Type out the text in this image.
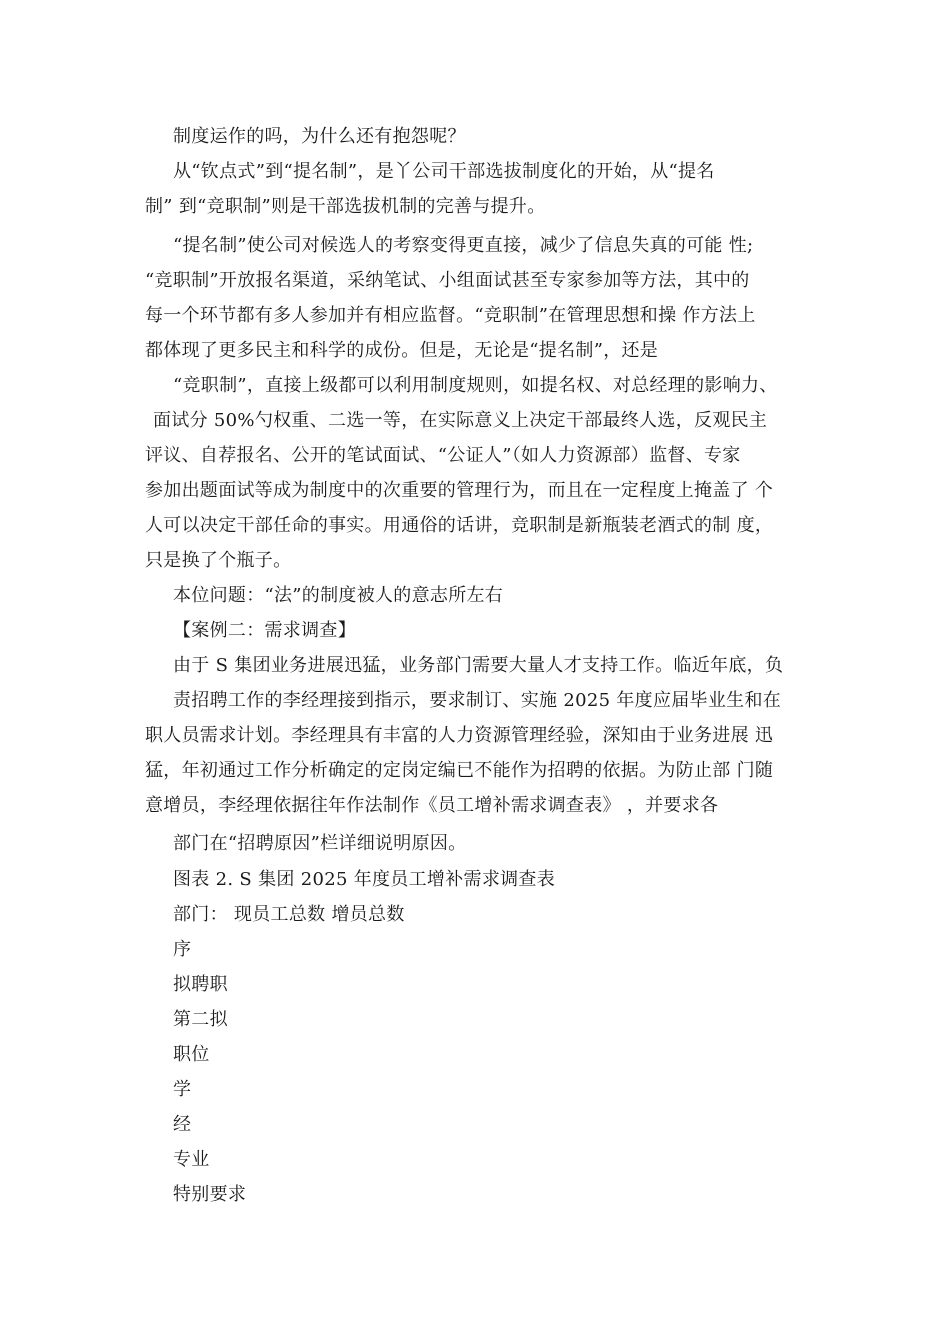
制度运作的吗，为什么还有抱怨呢？

从“钦点式”到“提名制”，是丫公司干部选拔制度化的开始，从“提名

制” 到“竞职制”则是干部选拔机制的完善与提升。

“提名制”使公司对候选人的考察变得更直接，减少了信息失真的可能 性;

“竞职制”开放报名渠道，采纳笔试、小组面试甚至专家参加等方法，其中的

每一个环节都有多人参加并有相应监督。“竞职制”在管理思想和操 作方法上

都体现了更多民主和科学的成份。但是，无论是“提名制”，还是

“竞职制”，直接上级都可以利用制度规则，如提名权、对总经理的影响力、

面试分 50%勺权重、二选一等，在实际意义上决定干部最终人选，反观民主

评议、自荐报名、公开的笔试面试、“公证人”（如人力资源部）监督、专家

参加出题面试等成为制度中的次重要的管理行为，而且在一定程度上掩盖了 个

人可以决定干部任命的事实。用通俗的话讲，竞职制是新瓶装老酒式的制 度，

只是换了个瓶子。

本位问题：“法”的制度被人的意志所左右

【案例二：需求调查】

由于 S 集团业务进展迅猛，业务部门需要大量人才支持工作。临近年底，负

责招聘工作的李经理接到指示，要求制订、实施 2025 年度应届毕业生和在

职人员需求计划。李经理具有丰富的人力资源管理经验，深知由于业务进展 迅

猛，年初通过工作分析确定的定岗定编已不能作为招聘的依据。为防止部 门随

意增员，李经理依据往年作法制作《员工增补需求调查表》 ，并要求各

部门在“招聘原因”栏详细说明原因。

图表 2. S 集团 2025 年度员工增补需求调查表

部门： 现员工总数 增员总数

序

拟聘职

第二拟

职位

学

经

专业

特别要求
